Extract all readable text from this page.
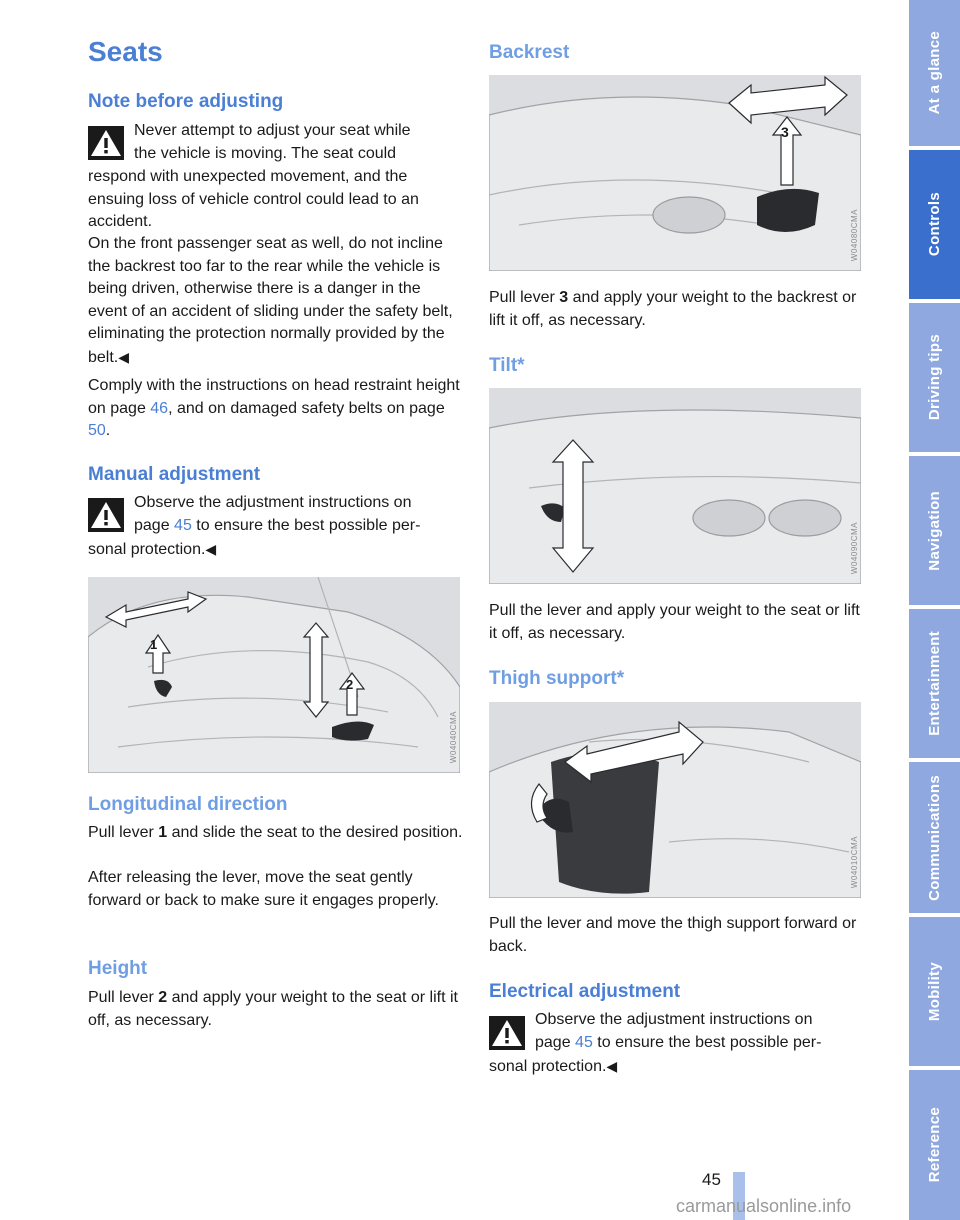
Seats
Note before adjusting
Never attempt to adjust your seat while
the vehicle is moving. The seat could
respond with unexpected movement, and the ensuing loss of vehicle control could lead to an accident.
On the front passenger seat as well, do not incline the backrest too far to the rear while the vehicle is being driven, otherwise there is a danger in the event of an accident of sliding under the safety belt, eliminating the protection normally provided by the belt.◀
Comply with the instructions on head restraint height on page 46, and on damaged safety belts on page 50.
Manual adjustment
Observe the adjustment instructions on
page 45 to ensure the best possible per-
sonal protection.◀
1
2
W04040CMA
Longitudinal direction
Pull lever 1 and slide the seat to the desired position.
After releasing the lever, move the seat gently forward or back to make sure it engages properly.
Height
Pull lever 2 and apply your weight to the seat or lift it off, as necessary.
Backrest
3
W04080CMA
Pull lever 3 and apply your weight to the backrest or lift it off, as necessary.
Tilt*
W04090CMA
Pull the lever and apply your weight to the seat or lift it off, as necessary.
Thigh support*
W04010CMA
Pull the lever and move the thigh support forward or back.
Electrical adjustment
Observe the adjustment instructions on
page 45 to ensure the best possible per-
sonal protection.◀
At a glance
Controls
Driving tips
Navigation
Entertainment
Communications
Mobility
Reference
45
carmanualsonline.info
